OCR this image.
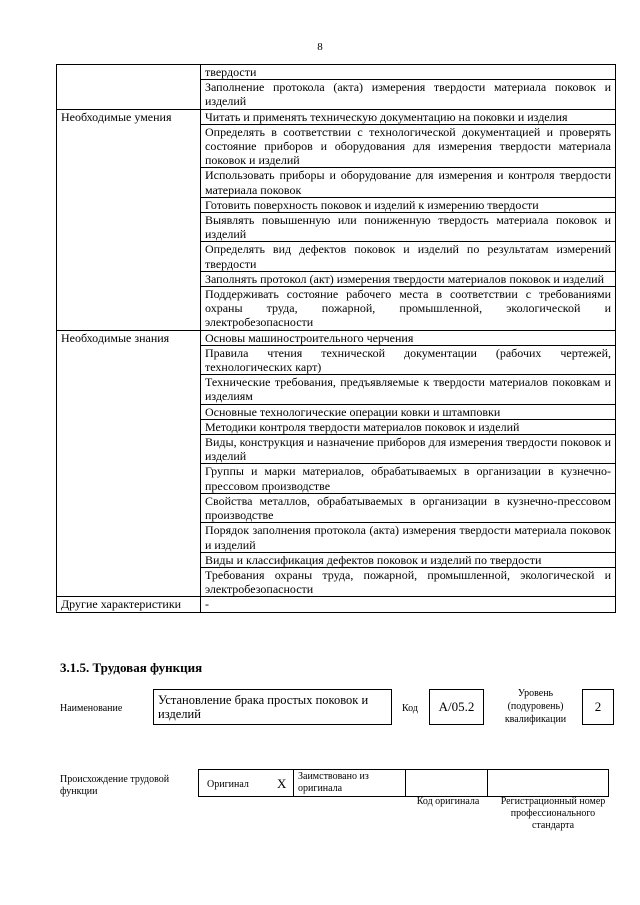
8
	твердости
	Заполнение протокола (акта) измерения твердости материала поковок и изделий
Необходимые умения	Читать и применять техническую документацию на поковки и изделия
	Определять в соответствии с технологической документацией и проверять состояние приборов и оборудования для измерения твердости материала поковок и изделий
	Использовать приборы и оборудование для измерения и контроля твердости материала поковок
	Готовить поверхность поковок и изделий к измерению твердости
	Выявлять повышенную или пониженную твердость материала поковок и изделий
	Определять вид дефектов поковок и изделий по результатам измерений твердости
	Заполнять протокол (акт) измерения твердости материалов поковок и изделий
	Поддерживать состояние рабочего места в соответствии с требованиями охраны труда, пожарной, промышленной, экологической и электробезопасности
Необходимые знания	Основы машиностроительного черчения
	Правила чтения технической документации (рабочих чертежей, технологических карт)
	Технические требования, предъявляемые к твердости материалов поковкам и изделиям
	Основные технологические операции ковки и штамповки
	Методики контроля твердости материалов поковок и изделий
	Виды, конструкция и назначение приборов для измерения твердости поковок и изделий
	Группы и марки материалов, обрабатываемых в организации в кузнечно-прессовом производстве
	Свойства металлов, обрабатываемых в организации в кузнечно-прессовом производстве
	Порядок заполнения протокола (акта) измерения твердости материала поковок и изделий
	Виды и классификация дефектов поковок и изделий по твердости
	Требования охраны труда, пожарной, промышленной, экологической и электробезопасности
Другие характеристики	-
3.1.5. Трудовая функция
Наименование
Установление брака простых поковок и изделий	Код	A/05.2
Уровень (подуровень) квалификации
2
Происхождение трудовой функции
Оригинал X Заимствовано из оригинала
Код оригинала	Регистрационный номер профессионального стандарта
